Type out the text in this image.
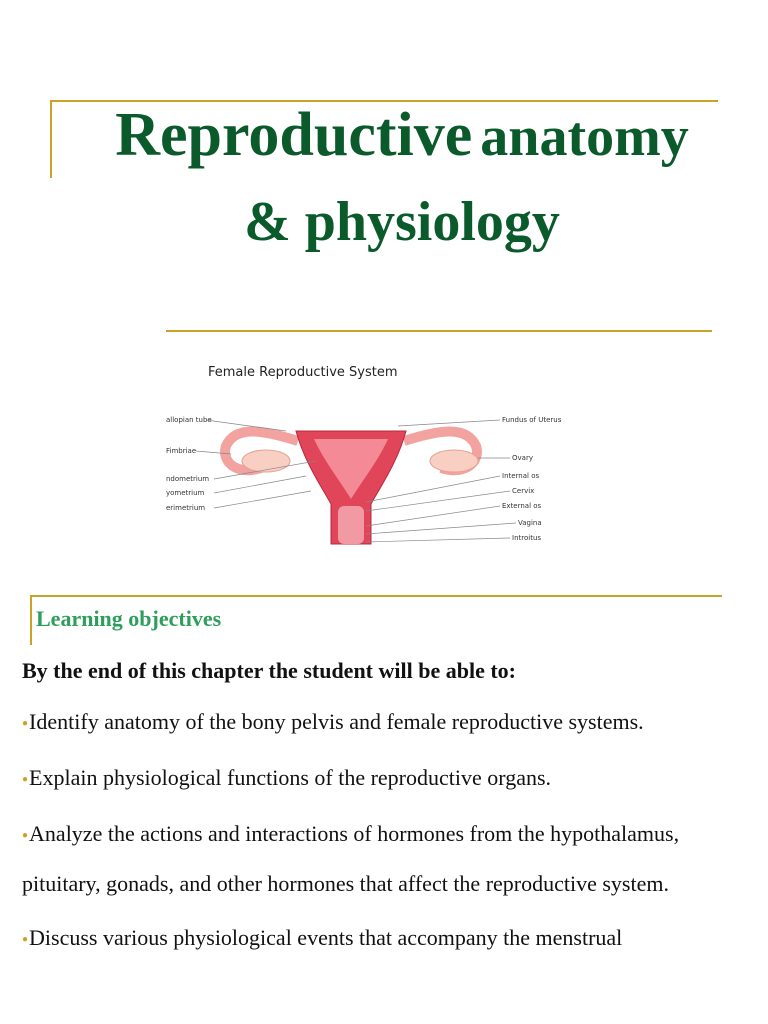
Reproductive anatomy
& physiology
Female Reproductive System
allopian tube
Fimbriae
ndometrium
yometrium
erimetrium
Fundus of Uterus
Ovary
Internal os
Cervix
External os
Vagina
Introitus
Learning objectives
By the end of this chapter the student will be able to:
●Identify anatomy of the bony pelvis and female reproductive systems.
●Explain physiological functions of the reproductive organs.
●Analyze the actions and interactions of hormones from the hypothalamus, pituitary, gonads, and other hormones that affect the reproductive system.
●Discuss various physiological events that accompany the menstrual
